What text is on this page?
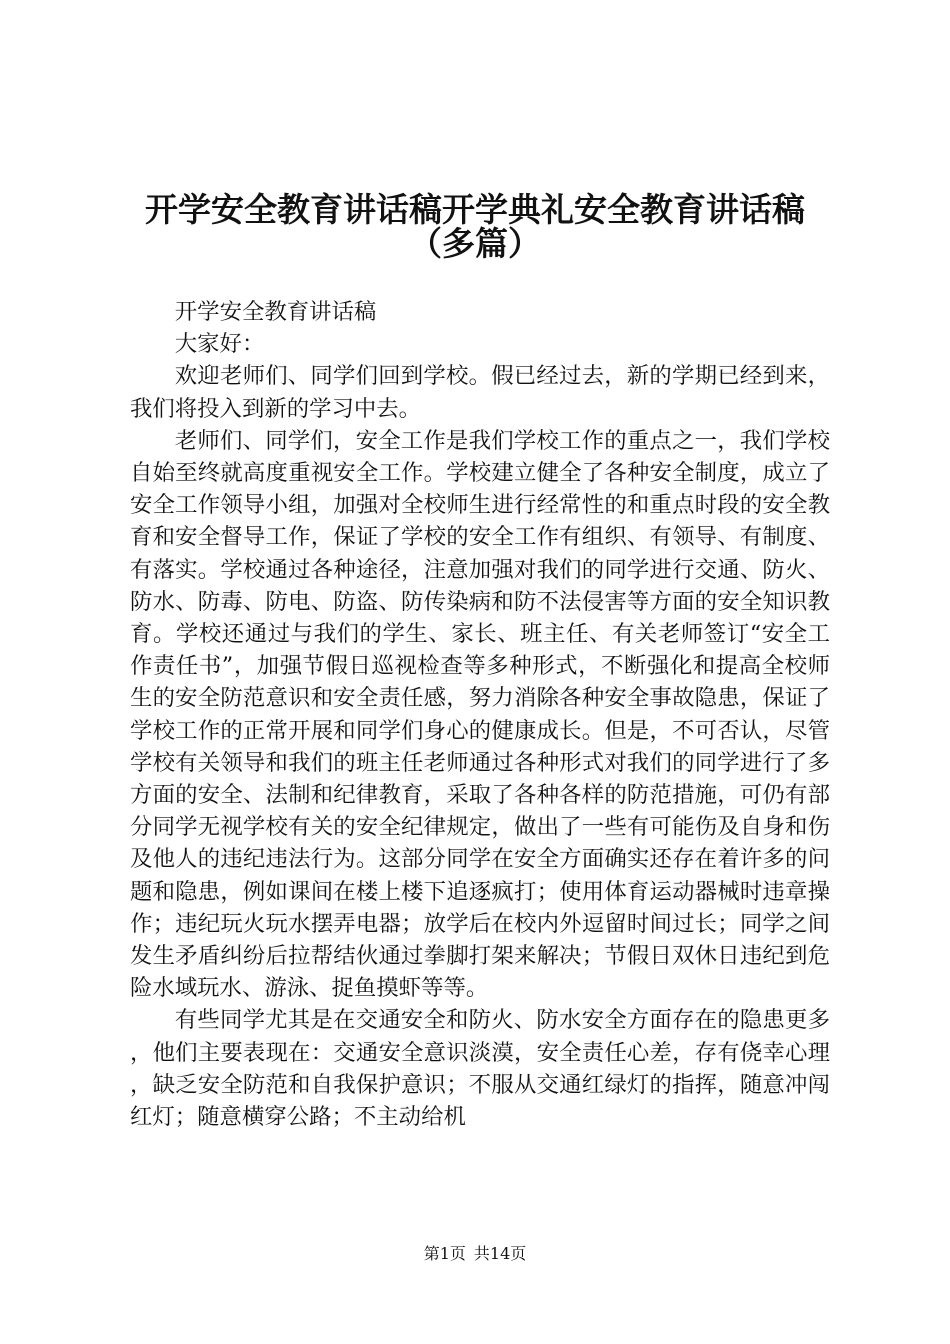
开学安全教育讲话稿开学典礼安全教育讲话稿
（多篇）

开学安全教育讲话稿

大家好：

欢迎老师们、同学们回到学校。假已经过去，新的学期已经到来，我们将投入到新的学习中去。

老师们、同学们，安全工作是我们学校工作的重点之一，我们学校自始至终就高度重视安全工作。学校建立健全了各种安全制度，成立了安全工作领导小组，加强对全校师生进行经常性的和重点时段的安全教育和安全督导工作，保证了学校的安全工作有组织、有领导、有制度、有落实。学校通过各种途径，注意加强对我们的同学进行交通、防火、防水、防毒、防电、防盗、防传染病和防不法侵害等方面的安全知识教育。学校还通过与我们的学生、家长、班主任、有关老师签订“安全工作责任书”，加强节假日巡视检查等多种形式，不断强化和提高全校师生的安全防范意识和安全责任感，努力消除各种安全事故隐患，保证了学校工作的正常开展和同学们身心的健康成长。但是，不可否认，尽管学校有关领导和我们的班主任老师通过各种形式对我们的同学进行了多方面的安全、法制和纪律教育，采取了各种各样的防范措施，可仍有部分同学无视学校有关的安全纪律规定，做出了一些有可能伤及自身和伤及他人的违纪违法行为。这部分同学在安全方面确实还存在着许多的问题和隐患，例如课间在楼上楼下追逐疯打；使用体育运动器械时违章操作；违纪玩火玩水摆弄电器；放学后在校内外逗留时间过长；同学之间发生矛盾纠纷后拉帮结伙通过拳脚打架来解决；节假日双休日违纪到危险水域玩水、游泳、捉鱼摸虾等等。

有些同学尤其是在交通安全和防火、防水安全方面存在的隐患更多，他们主要表现在：交通安全意识淡漠，安全责任心差，存有侥幸心理，缺乏安全防范和自我保护意识；不服从交通红绿灯的指挥，随意冲闯红灯；随意横穿公路；不主动给机

第1页 共14页
